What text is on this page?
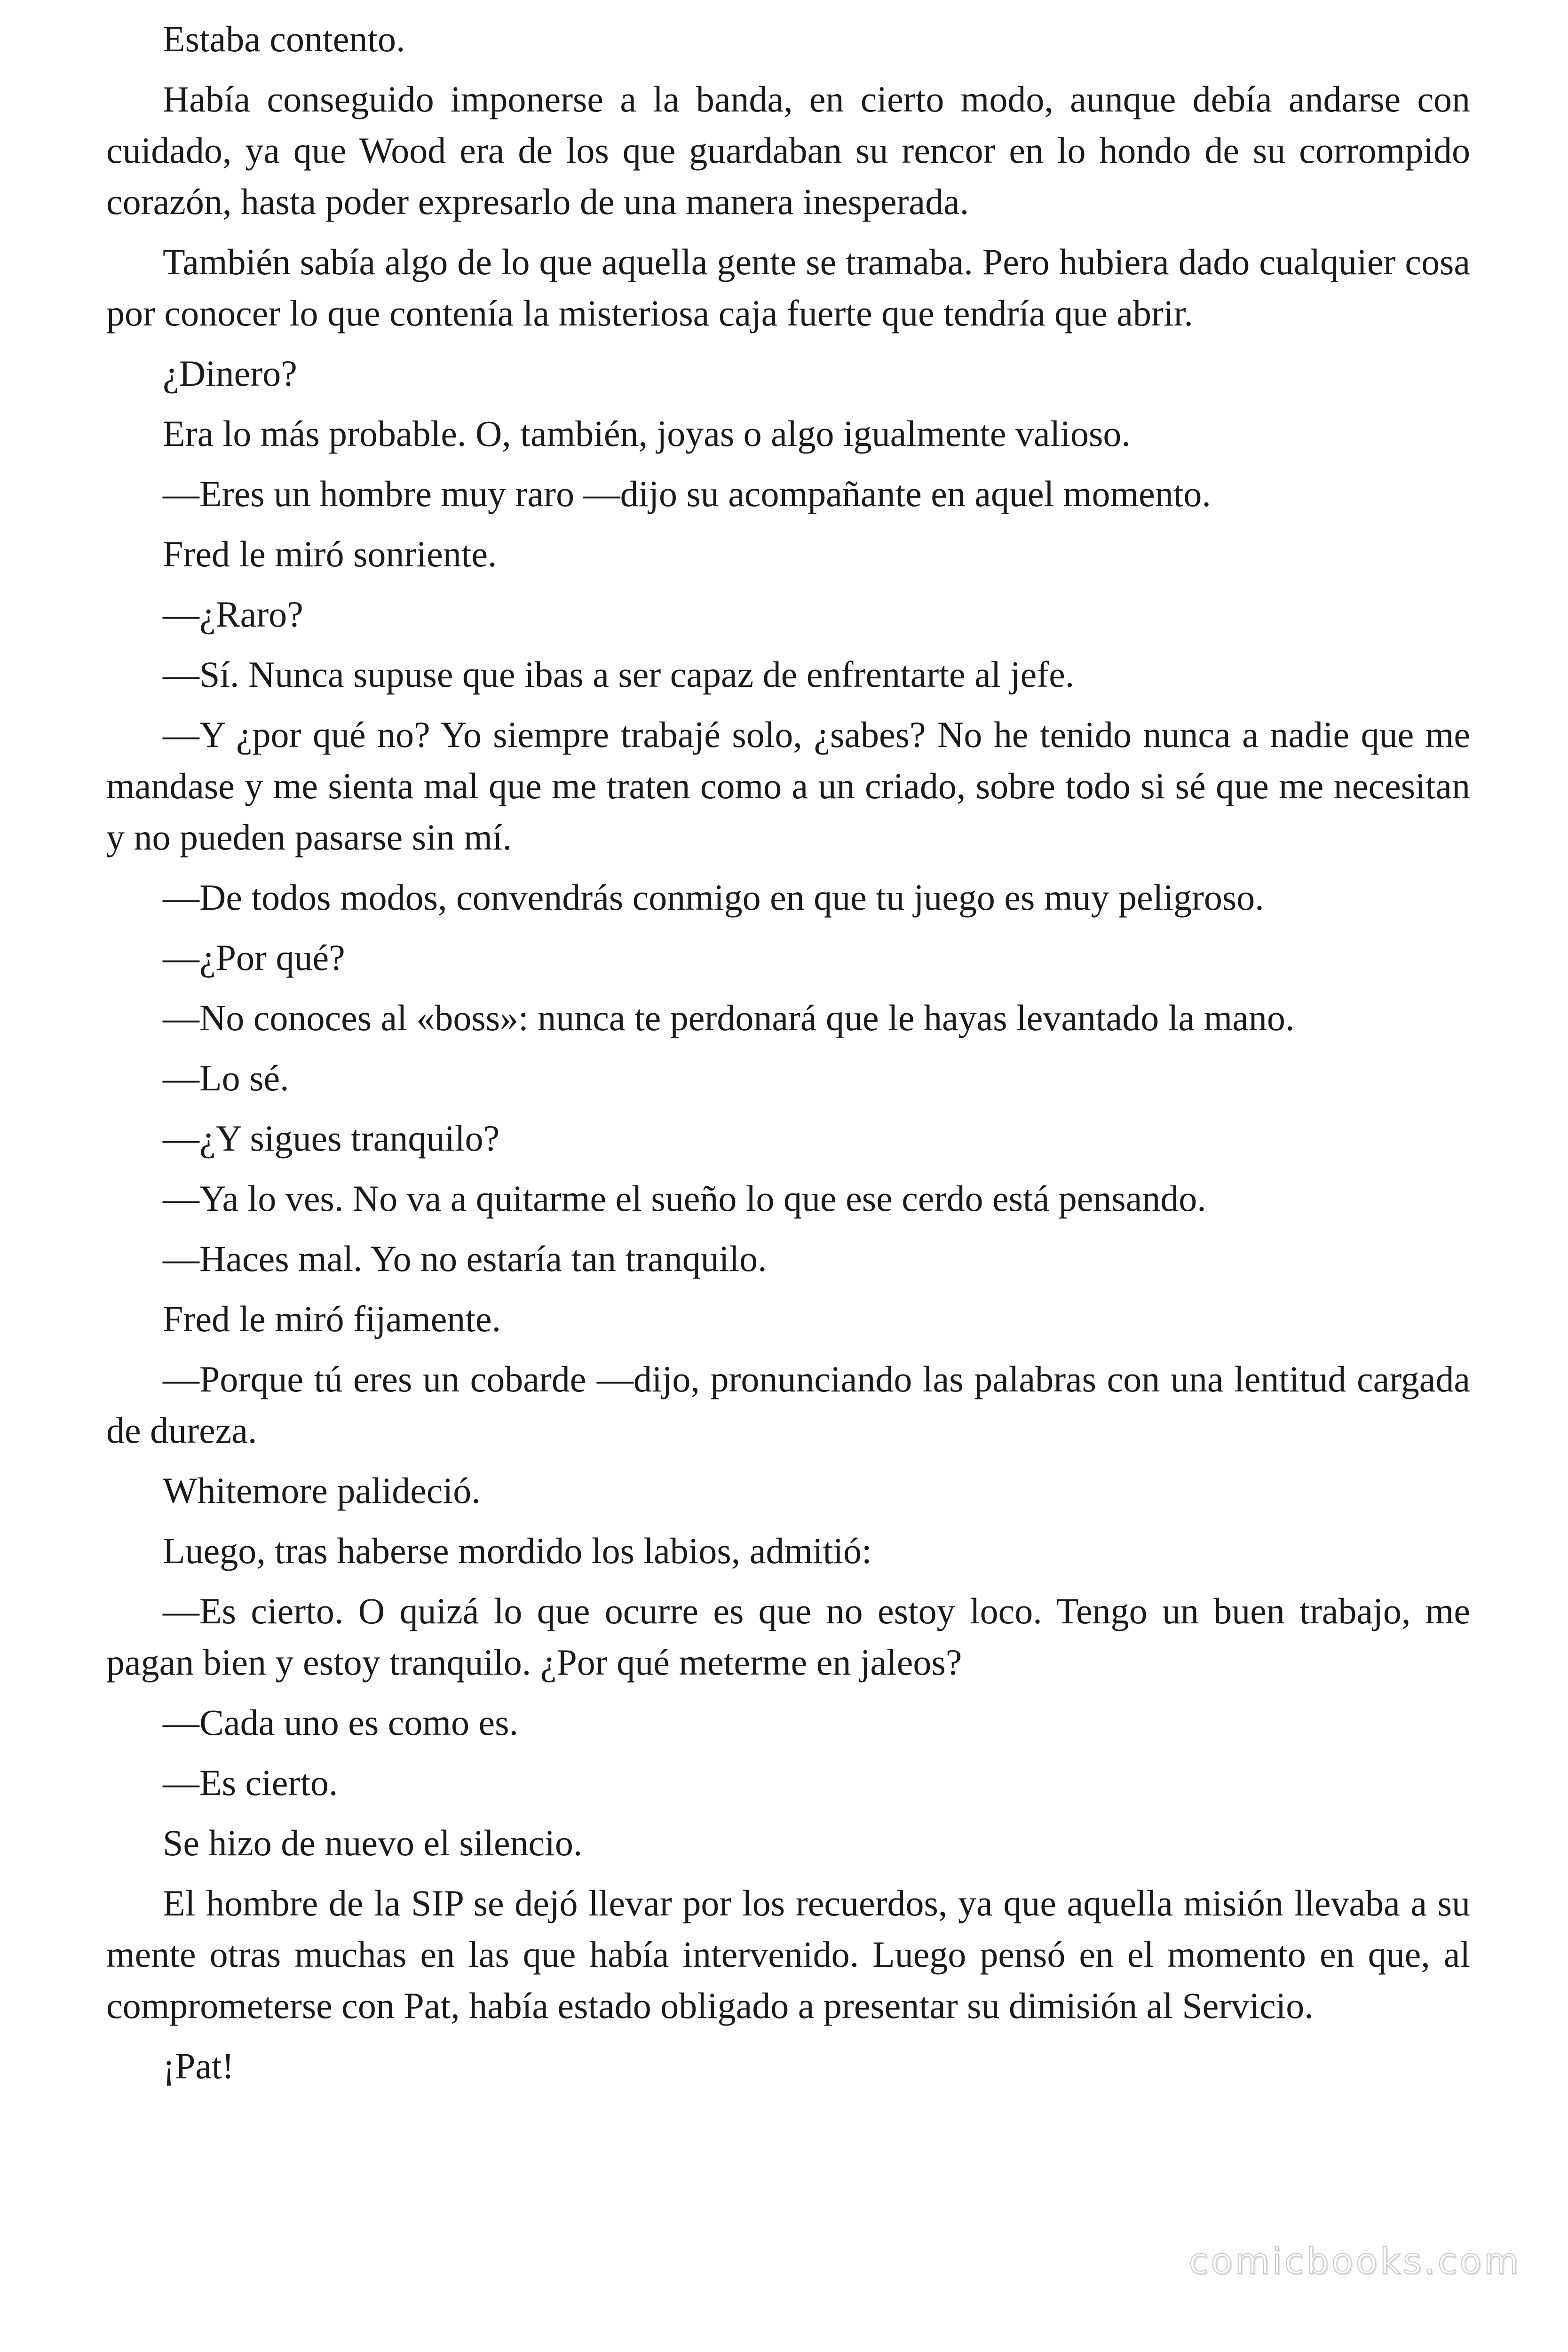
Estaba contento.

Había conseguido imponerse a la banda, en cierto modo, aunque debía andarse con cuidado, ya que Wood era de los que guardaban su rencor en lo hondo de su corrompido corazón, hasta poder expresarlo de una manera inesperada.

También sabía algo de lo que aquella gente se tramaba. Pero hubiera dado cualquier cosa por conocer lo que contenía la misteriosa caja fuerte que tendría que abrir.

¿Dinero?

Era lo más probable. O, también, joyas o algo igualmente valioso.

—Eres un hombre muy raro —dijo su acompañante en aquel momento.

Fred le miró sonriente.

—¿Raro?

—Sí. Nunca supuse que ibas a ser capaz de enfrentarte al jefe.

—Y ¿por qué no? Yo siempre trabajé solo, ¿sabes? No he tenido nunca a nadie que me mandase y me sienta mal que me traten como a un criado, sobre todo si sé que me necesitan y no pueden pasarse sin mí.

—De todos modos, convendrás conmigo en que tu juego es muy peligroso.

—¿Por qué?

—No conoces al «boss»: nunca te perdonará que le hayas levantado la mano.

—Lo sé.

—¿Y sigues tranquilo?

—Ya lo ves. No va a quitarme el sueño lo que ese cerdo está pensando.

—Haces mal. Yo no estaría tan tranquilo.

Fred le miró fijamente.

—Porque tú eres un cobarde —dijo, pronunciando las palabras con una lentitud cargada de dureza.

Whitemore palideció.

Luego, tras haberse mordido los labios, admitió:

—Es cierto. O quizá lo que ocurre es que no estoy loco. Tengo un buen trabajo, me pagan bien y estoy tranquilo. ¿Por qué meterme en jaleos?

—Cada uno es como es.

—Es cierto.

Se hizo de nuevo el silencio.

El hombre de la SIP se dejó llevar por los recuerdos, ya que aquella misión llevaba a su mente otras muchas en las que había intervenido. Luego pensó en el momento en que, al comprometerse con Pat, había estado obligado a presentar su dimisión al Servicio.

¡Pat!

comicbooks.com
